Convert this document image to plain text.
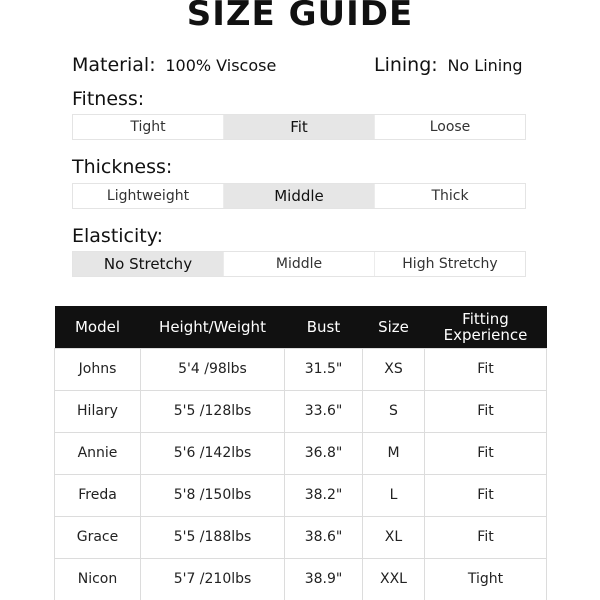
SIZE GUIDE
Material: 100% Viscose	Lining: No Lining
Fitness:
Tight	Fit	Loose
Thickness:
Lightweight	Middle	Thick
Elasticity:
No Stretchy	Middle	High Stretchy
Model	Height/Weight	Bust	Size	Fitting
Experience
Johns	5'4 /98lbs	31.5"	XS	Fit
Hilary	5'5 /128lbs	33.6"	S	Fit
Annie	5'6 /142lbs	36.8"	M	Fit
Freda	5'8 /150lbs	38.2"	L	Fit
Grace	5'5 /188lbs	38.6"	XL	Fit
Nicon	5'7 /210lbs	38.9"	XXL	Tight
